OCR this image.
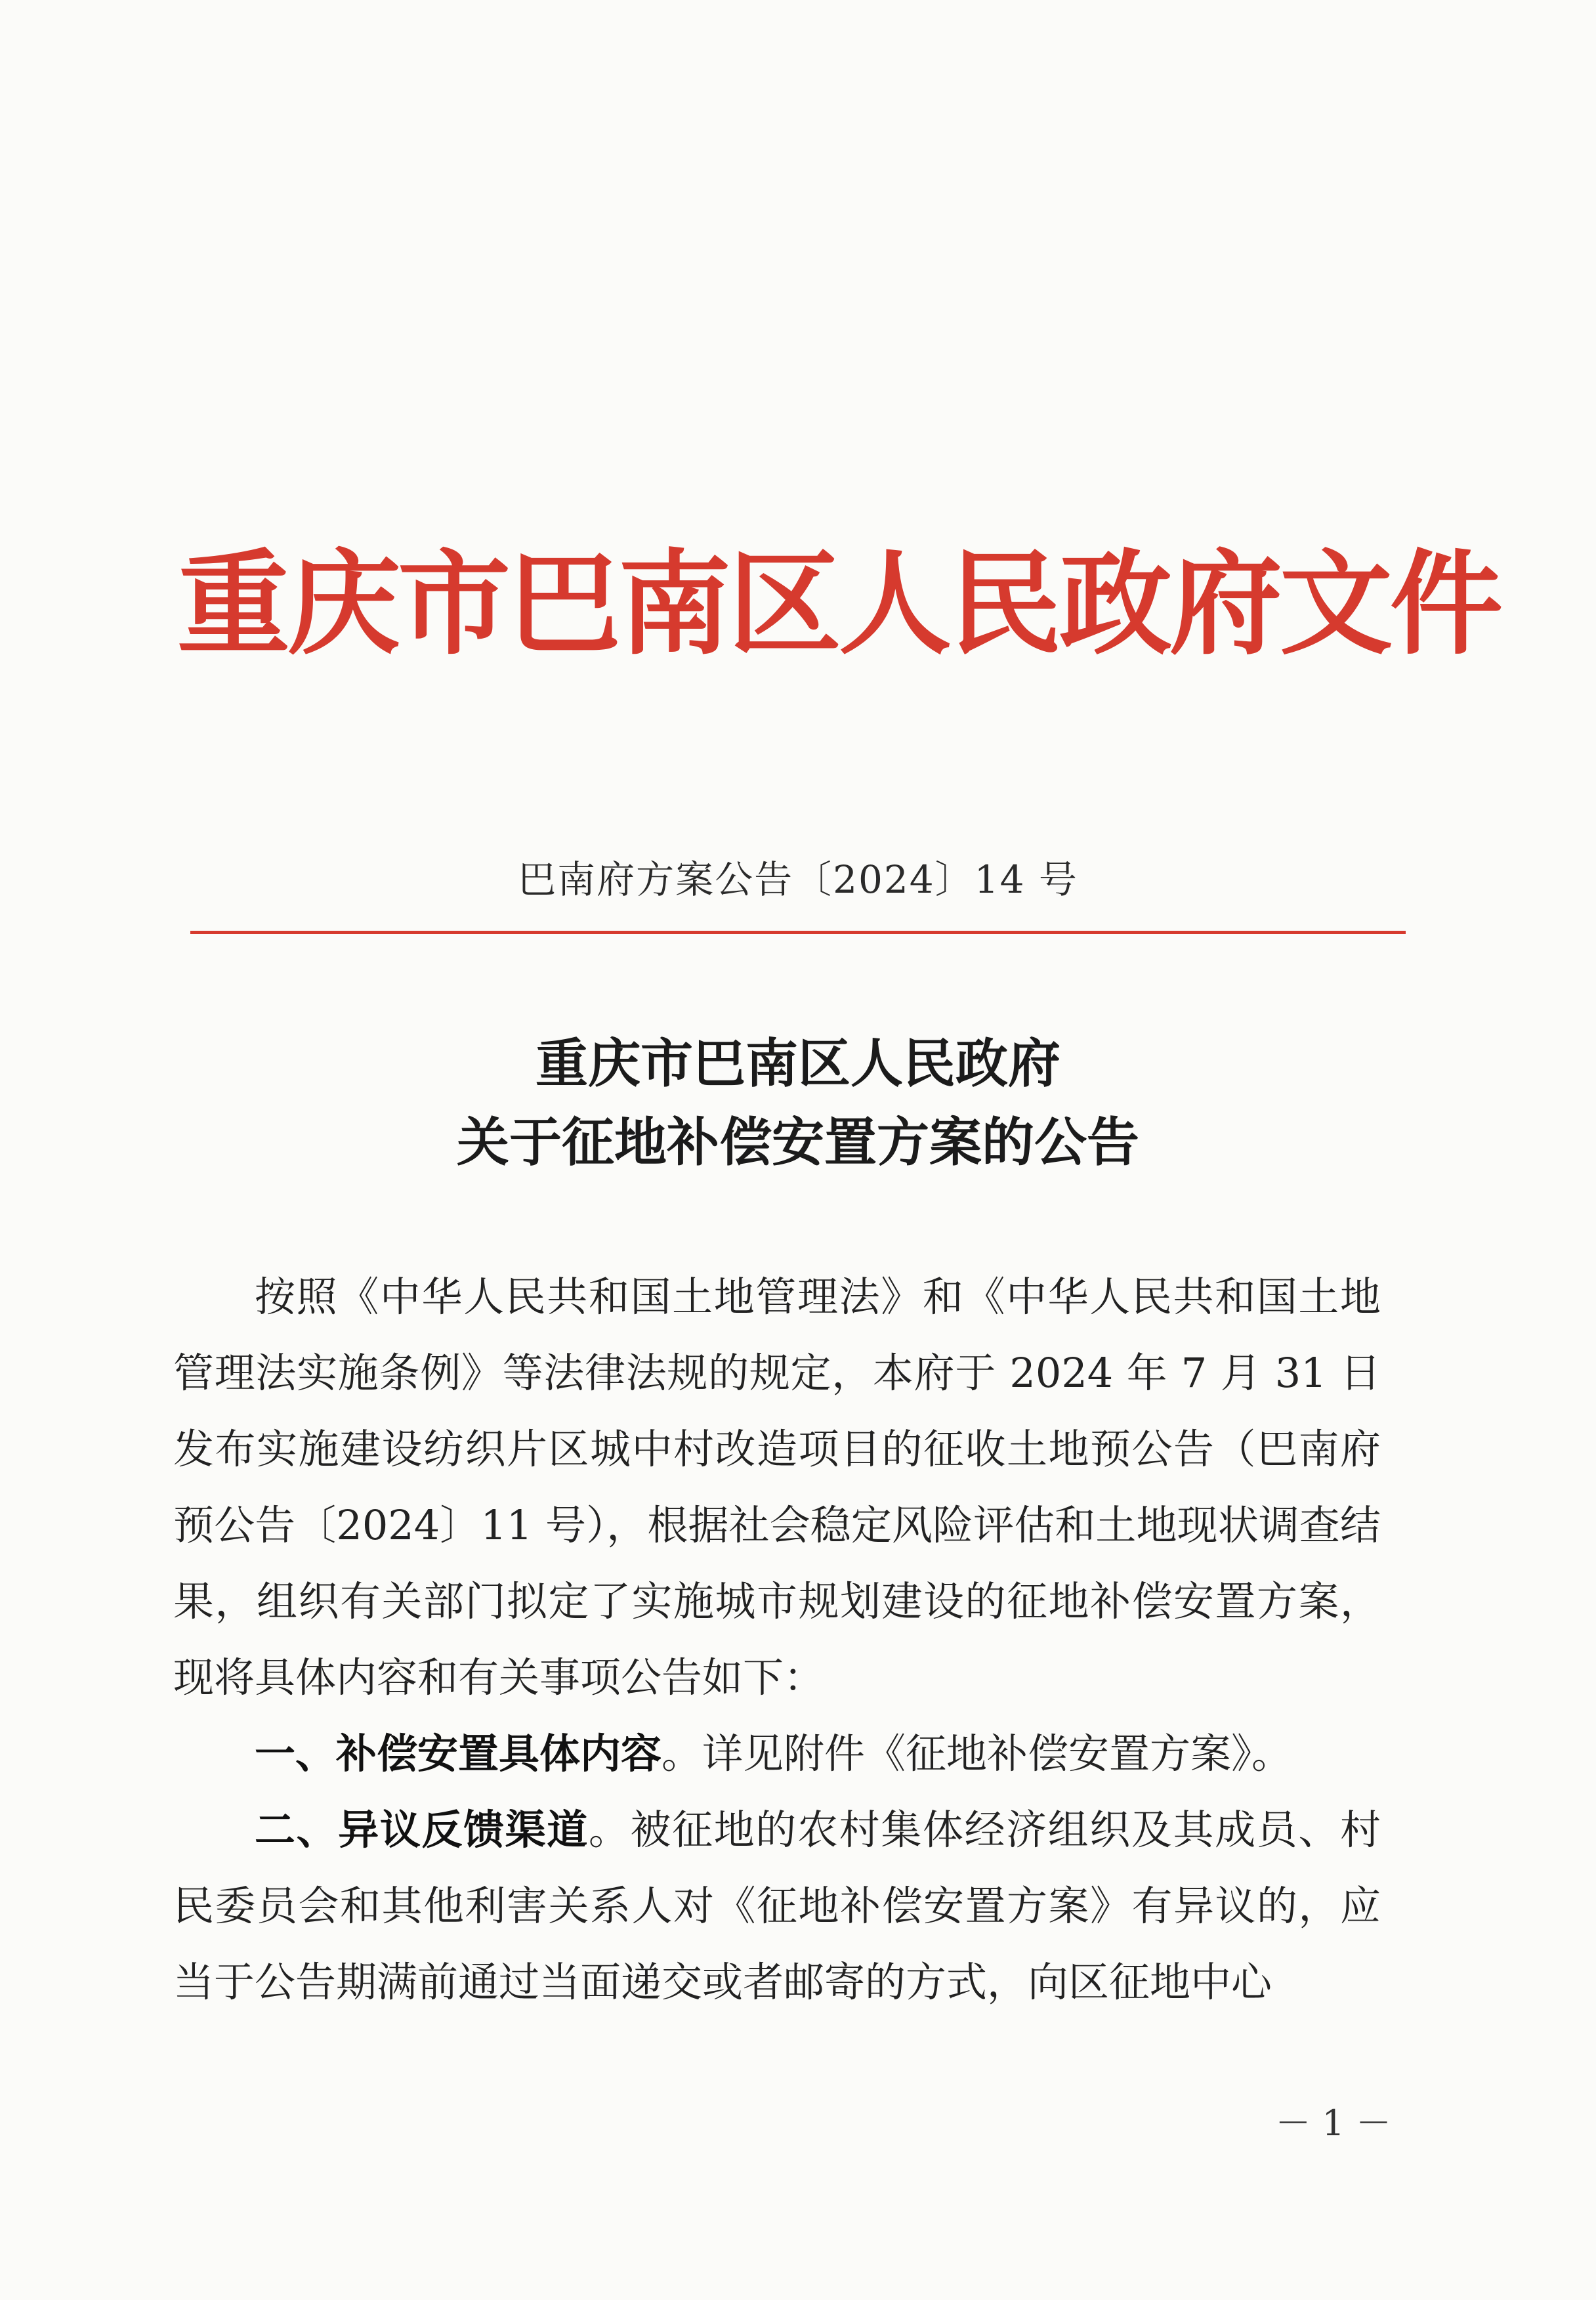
重庆市巴南区人民政府文件
巴南府方案公告〔2024〕14 号
重庆市巴南区人民政府
关于征地补偿安置方案的公告

按照《中华人民共和国土地管理法》和《中华人民共和国土地管理法实施条例》等法律法规的规定，本府于 2024 年 7 月 31 日发布实施建设纺织片区城中村改造项目的征收土地预公告（巴南府预公告〔2024〕11 号），根据社会稳定风险评估和土地现状调查结果，组织有关部门拟定了实施城市规划建设的征地补偿安置方案，现将具体内容和有关事项公告如下：

一、补偿安置具体内容。详见附件《征地补偿安置方案》。

二、异议反馈渠道。被征地的农村集体经济组织及其成员、村民委员会和其他利害关系人对《征地补偿安置方案》有异议的，应当于公告期满前通过当面递交或者邮寄的方式，向区征地中心

－ 1 －
